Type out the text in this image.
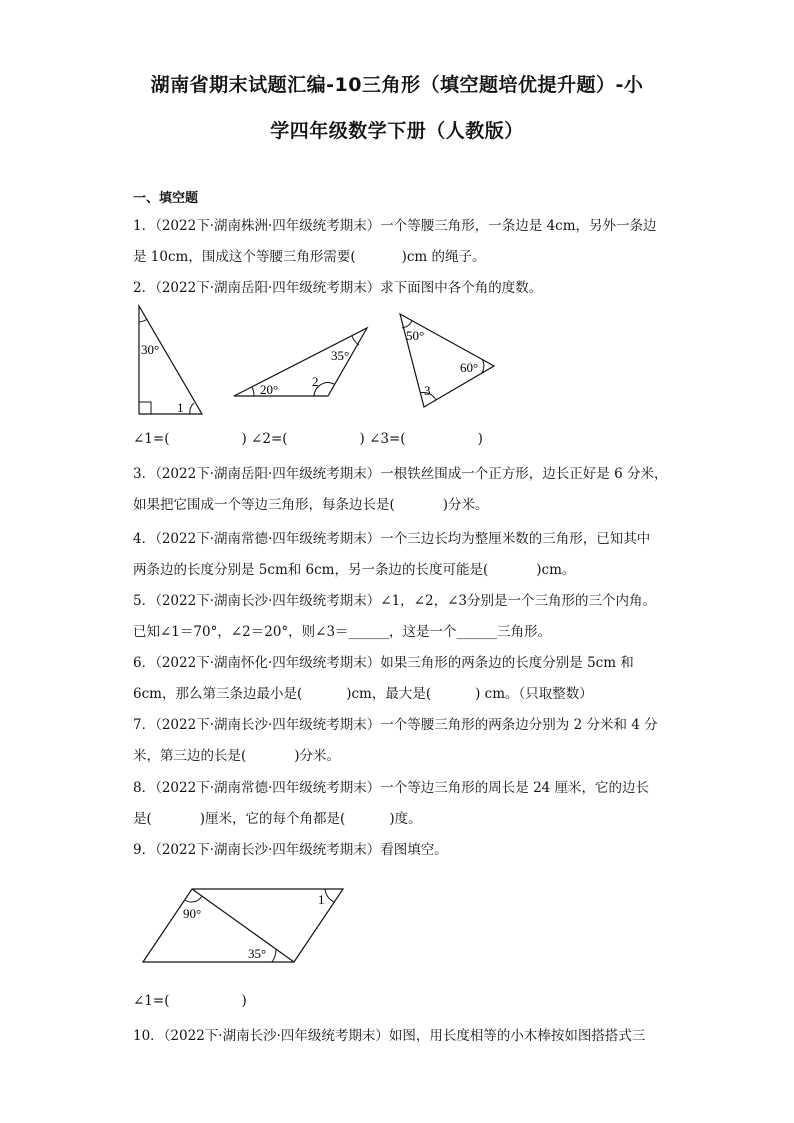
湖南省期末试题汇编-10三角形（填空题培优提升题）-小
学四年级数学下册（人教版）
一、填空题
1．（2022下·湖南株洲·四年级统考期末）一个等腰三角形，一条边是 4cm，另外一条边
是 10cm，围成这个等腰三角形需要(	)cm 的绳子。
2．（2022下·湖南岳阳·四年级统考期末）求下面图中各个角的度数。
30°
1
20°
35°
2
50°
60°
3
∠1=(	) ∠2=(	) ∠3=(	)
3．（2022下·湖南岳阳·四年级统考期末）一根铁丝围成一个正方形，边长正好是 6 分米，
如果把它围成一个等边三角形，每条边长是(	)分米。
4．（2022下·湖南常德·四年级统考期末）一个三边长均为整厘米数的三角形，已知其中
两条边的长度分别是 5cm和 6cm，另一条边的长度可能是(	)cm。
5．（2022下·湖南长沙·四年级统考期末）∠1，∠2，∠3分别是一个三角形的三个内角。
已知∠1＝70°，∠2＝20°，则∠3＝______，这是一个______三角形。
6．（2022下·湖南怀化·四年级统考期末）如果三角形的两条边的长度分别是 5cm 和
6cm，那么第三条边最小是(	)cm，最大是(	) cm。（只取整数）
7．（2022下·湖南长沙·四年级统考期末）一个等腰三角形的两条边分别为 2 分米和 4 分
米，第三边的长是(	)分米。
8．（2022下·湖南常德·四年级统考期末）一个等边三角形的周长是 24 厘米，它的边长
是(	)厘米，它的每个角都是(	)度。
9．（2022下·湖南长沙·四年级统考期末）看图填空。
90°
35°
1
∠1=(	)
10．（2022下·湖南长沙·四年级统考期末）如图，用长度相等的小木棒按如图搭搭式三
